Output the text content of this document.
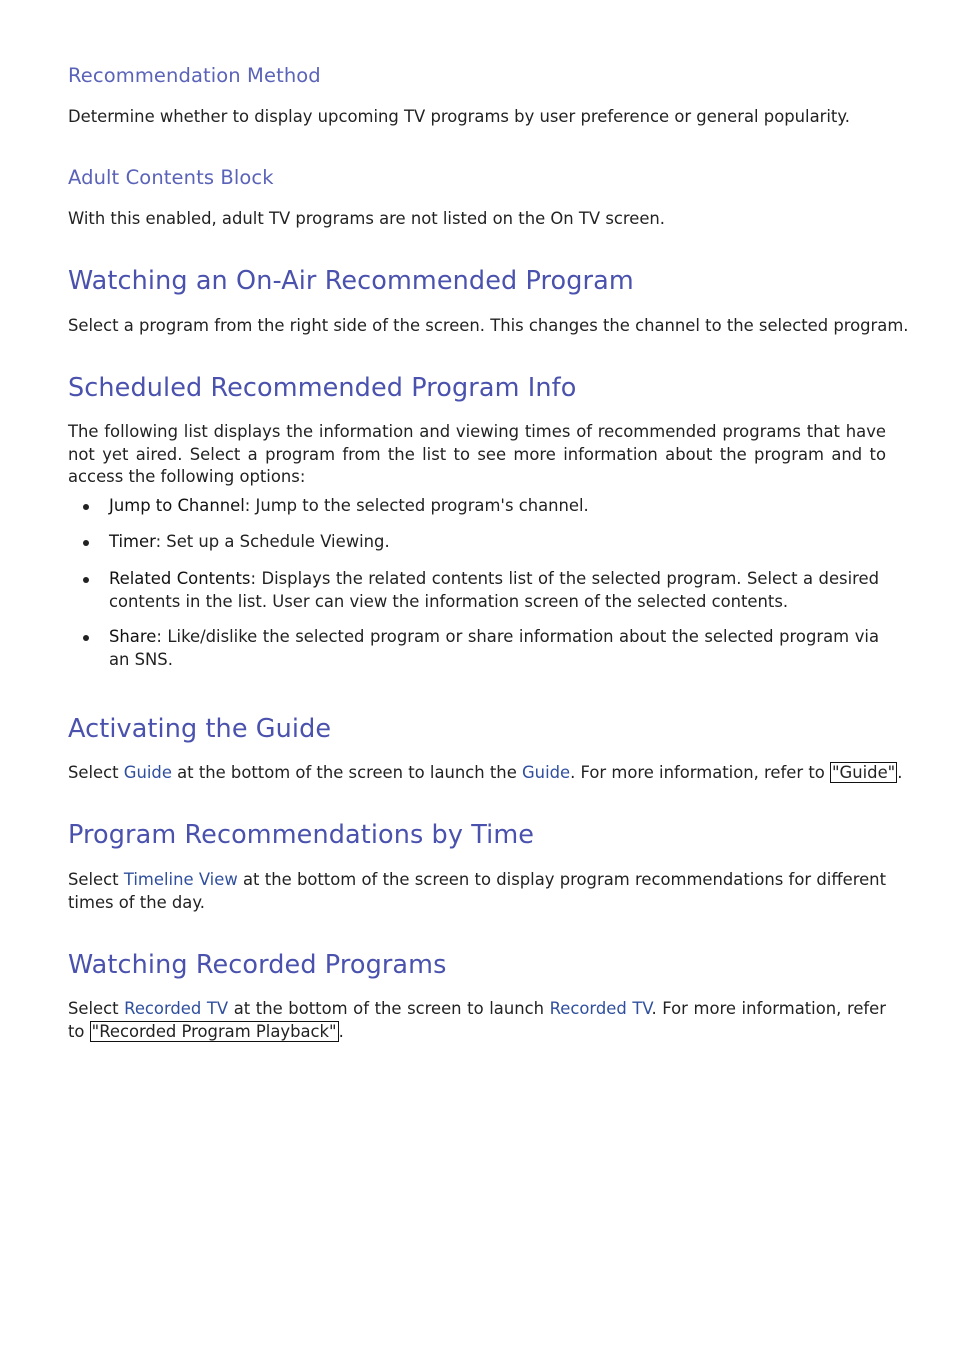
Recommendation Method

Determine whether to display upcoming TV programs by user preference or general popularity.

Adult Contents Block

With this enabled, adult TV programs are not listed on the On TV screen.

Watching an On-Air Recommended Program

Select a program from the right side of the screen. This changes the channel to the selected program.

Scheduled Recommended Program Info

The following list displays the information and viewing times of recommended programs that have not yet aired. Select a program from the list to see more information about the program and to access the following options:

Jump to Channel: Jump to the selected program's channel.
Timer: Set up a Schedule Viewing.
Related Contents: Displays the related contents list of the selected program. Select a desired contents in the list. User can view the information screen of the selected contents.
Share: Like/dislike the selected program or share information about the selected program via an SNS.
Activating the Guide

Select Guide at the bottom of the screen to launch the Guide. For more information, refer to "Guide" .

Program Recommendations by Time

Select Timeline View at the bottom of the screen to display program recommendations for different times of the day.

Watching Recorded Programs

Select Recorded TV at the bottom of the screen to launch Recorded TV. For more information, refer to "Recorded Program Playback" .
